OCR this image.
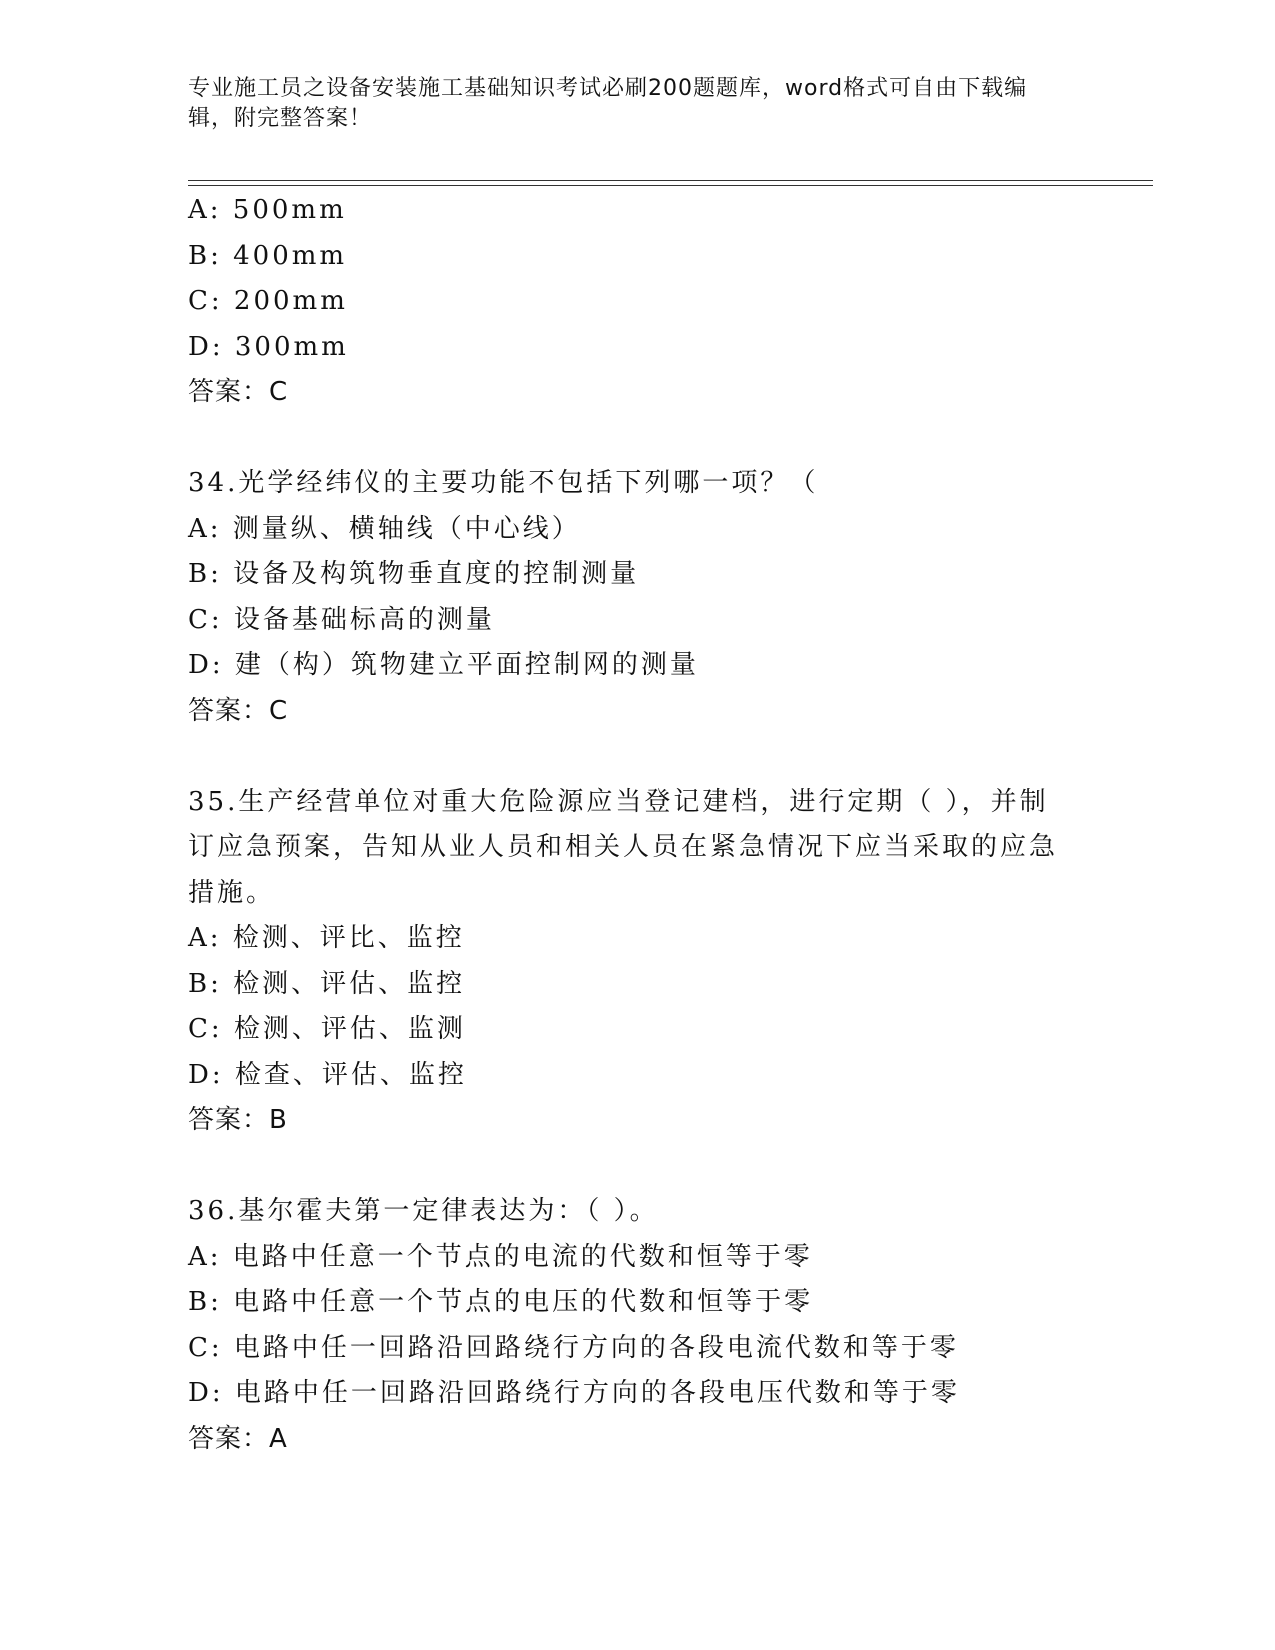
专业施工员之设备安装施工基础知识考试必刷200题题库，word格式可自由下载编辑，附完整答案！
A: 500mm
B: 400mm
C: 200mm
D: 300mm
答案：C
34.光学经纬仪的主要功能不包括下列哪一项？（
A: 测量纵、横轴线（中心线）
B: 设备及构筑物垂直度的控制测量
C: 设备基础标高的测量
D: 建（构）筑物建立平面控制网的测量
答案：C
35.生产经营单位对重大危险源应当登记建档，进行定期（ ），并制订应急预案，告知从业人员和相关人员在紧急情况下应当采取的应急措施。
A: 检测、评比、监控
B: 检测、评估、监控
C: 检测、评估、监测
D: 检查、评估、监控
答案：B
36.基尔霍夫第一定律表达为：（ ）。
A: 电路中任意一个节点的电流的代数和恒等于零
B: 电路中任意一个节点的电压的代数和恒等于零
C: 电路中任一回路沿回路绕行方向的各段电流代数和等于零
D: 电路中任一回路沿回路绕行方向的各段电压代数和等于零
答案：A
